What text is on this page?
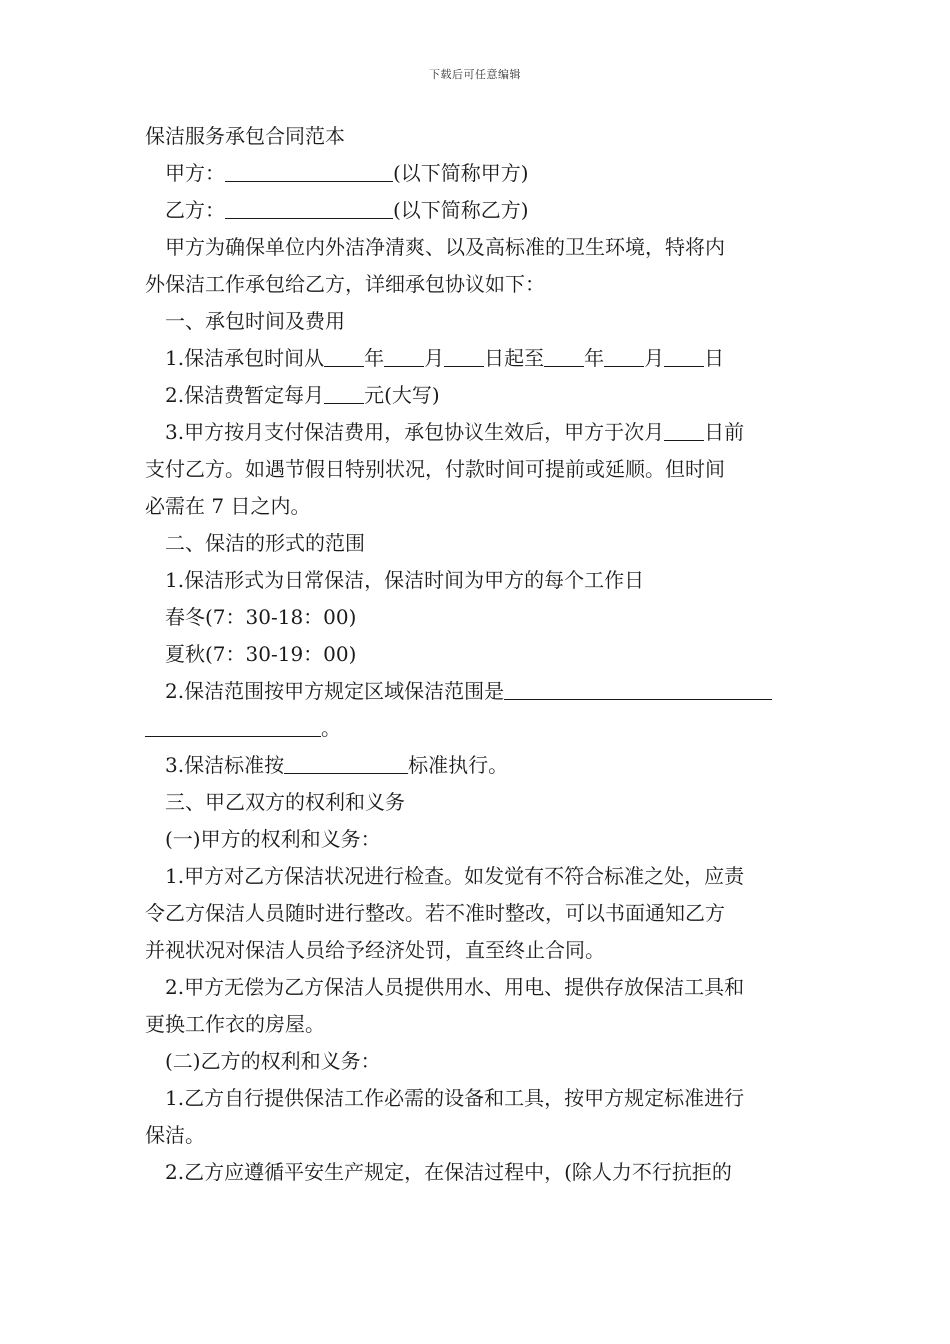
下载后可任意编辑

保洁服务承包合同范本

甲方：	(以下简称甲方)

乙方：	(以下简称乙方)

甲方为确保单位内外洁净清爽、以及高标准的卫生环境，特将内

外保洁工作承包给乙方，详细承包协议如下：

一、承包时间及费用

1.保洁承包时间从 年 月 日起至 年 月 日

2.保洁费暂定每月 元(大写)

3.甲方按月支付保洁费用，承包协议生效后，甲方于次月 日前

支付乙方。如遇节假日特别状况，付款时间可提前或延顺。但时间

必需在 7 日之内。

二、保洁的形式的范围

1.保洁形式为日常保洁，保洁时间为甲方的每个工作日

春冬(7：30-18：00)

夏秋(7：30-19：00)

2.保洁范围按甲方规定区域保洁范围是

。

3.保洁标准按	标准执行。

三、甲乙双方的权利和义务

(一)甲方的权利和义务：

1.甲方对乙方保洁状况进行检查。如发觉有不符合标准之处，应责

令乙方保洁人员随时进行整改。若不准时整改，可以书面通知乙方

并视状况对保洁人员给予经济处罚，直至终止合同。

2.甲方无偿为乙方保洁人员提供用水、用电、提供存放保洁工具和

更换工作衣的房屋。

(二)乙方的权利和义务：

1.乙方自行提供保洁工作必需的设备和工具，按甲方规定标准进行

保洁。

2.乙方应遵循平安生产规定，在保洁过程中，(除人力不行抗拒的
